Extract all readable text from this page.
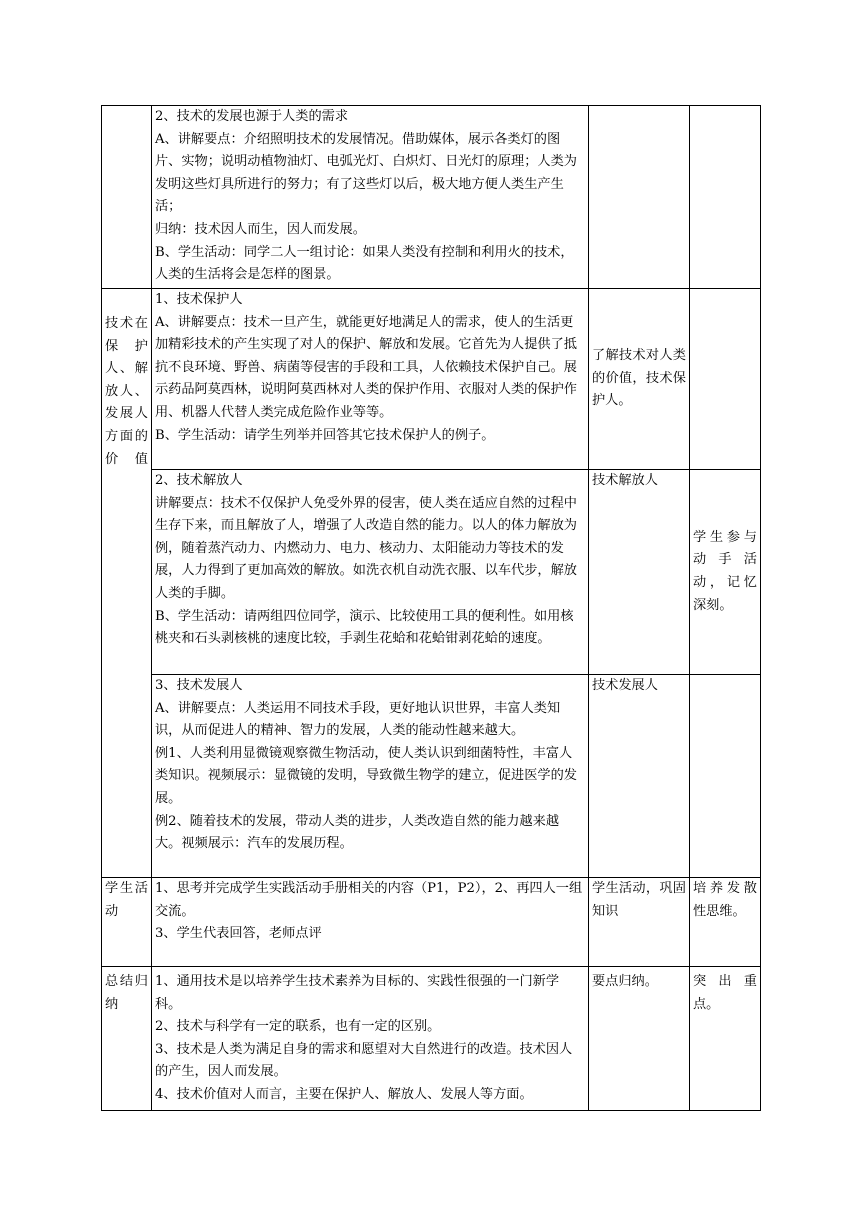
	2、技术的发展也源于人类的需求
A、讲解要点：介绍照明技术的发展情况。借助媒体，展示各类灯的图片、实物；说明动植物油灯、电弧光灯、白炽灯、日光灯的原理；人类为发明这些灯具所进行的努力；有了这些灯以后，极大地方便人类生产生活；
归纳：技术因人而生，因人而发展。
B、学生活动：同学二人一组讨论：如果人类没有控制和利用火的技术，人类的生活将会是怎样的图景。		

技术在保护人、解放人、发展人方面的价值	1、技术保护人
A、讲解要点：技术一旦产生，就能更好地满足人的需求，使人的生活更加精彩技术的产生实现了对人的保护、解放和发展。它首先为人提供了抵抗不良环境、野兽、病菌等侵害的手段和工具，人依赖技术保护自己。展示药品阿莫西林，说明阿莫西林对人类的保护作用、衣服对人类的保护作用、机器人代替人类完成危险作业等等。
B、学生活动：请学生列举并回答其它技术保护人的例子。	了解技术对人类的价值，技术保护人。	

	2、技术解放人
讲解要点：技术不仅保护人免受外界的侵害，使人类在适应自然的过程中生存下来，而且解放了人，增强了人改造自然的能力。以人的体力解放为例，随着蒸汽动力、内燃动力、电力、核动力、太阳能动力等技术的发展，人力得到了更加高效的解放。如洗衣机自动洗衣服、以车代步，解放人类的手脚。
B、学生活动：请两组四位同学，演示、比较使用工具的便利性。如用核桃夹和石头剥核桃的速度比较，手剥生花蛤和花蛤钳剥花蛤的速度。	技术解放人	学生参与动手活动，记忆深刻。

	3、技术发展人
A、讲解要点：人类运用不同技术手段，更好地认识世界，丰富人类知识，从而促进人的精神、智力的发展，人类的能动性越来越大。
例1、人类利用显微镜观察微生物活动，使人类认识到细菌特性，丰富人类知识。视频展示：显微镜的发明，导致微生物学的建立，促进医学的发展。
例2、随着技术的发展，带动人类的进步，人类改造自然的能力越来越大。视频展示：汽车的发展历程。	技术发展人	
学生活动	1、思考并完成学生实践活动手册相关的内容（P1，P2），2、再四人一组交流。
3、学生代表回答，老师点评	学生活动，巩固知识	培养发散性思维。

总结归纳	1、通用技术是以培养学生技术素养为目标的、实践性很强的一门新学科。
2、技术与科学有一定的联系，也有一定的区别。
3、技术是人类为满足自身的需求和愿望对大自然进行的改造。技术因人的产生，因人而发展。
4、技术价值对人而言，主要在保护人、解放人、发展人等方面。	要点归纳。	突出重点。
